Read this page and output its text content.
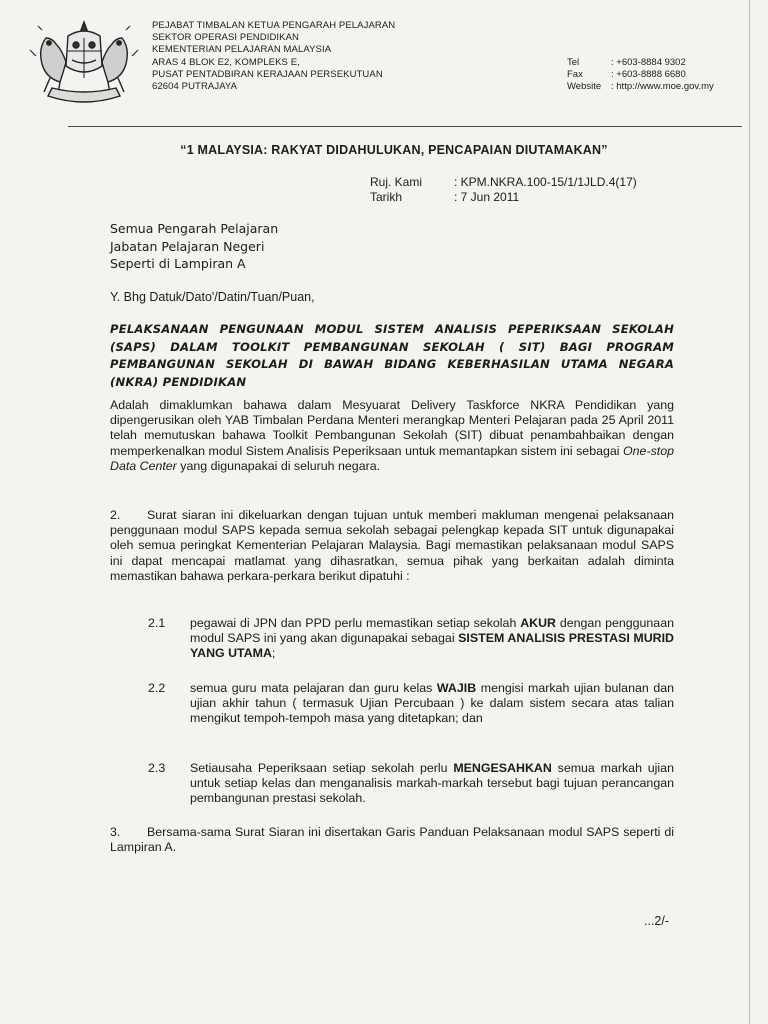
PEJABAT TIMBALAN KETUA PENGARAH PELAJARAN
SEKTOR OPERASI PENDIDIKAN
KEMENTERIAN PELAJARAN MALAYSIA
ARAS 4 BLOK E2, KOMPLEKS E,
PUSAT PENTADBIRAN KERAJAAN PERSEKUTUAN
62604 PUTRAJAYA
Tel	: +603-8884 9302
Fax	: +603-8888 6680
Website	: http://www.moe.gov.my
“1 MALAYSIA: RAKYAT DIDAHULUKAN, PENCAPAIAN DIUTAMAKAN”
Ruj. Kami	: KPM.NKRA.100-15/1/1JLD.4(17)
Tarikh	: 7 Jun 2011
Semua Pengarah Pelajaran
Jabatan Pelajaran Negeri
Seperti di Lampiran A
Y. Bhg Datuk/Dato'/Datin/Tuan/Puan,
PELAKSANAAN PENGUNAAN MODUL SISTEM ANALISIS PEPERIKSAAN SEKOLAH (SAPS) DALAM TOOLKIT PEMBANGUNAN SEKOLAH ( SIT) BAGI PROGRAM PEMBANGUNAN SEKOLAH DI BAWAH BIDANG KEBERHASILAN UTAMA NEGARA (NKRA) PENDIDIKAN
Adalah dimaklumkan bahawa dalam Mesyuarat Delivery Taskforce NKRA Pendidikan yang dipengerusikan oleh YAB Timbalan Perdana Menteri merangkap Menteri Pelajaran pada 25 April 2011 telah memutuskan bahawa Toolkit Pembangunan Sekolah (SIT) dibuat penambahbaikan dengan memperkenalkan modul Sistem Analisis Peperiksaan untuk memantapkan sistem ini sebagai One-stop Data Center yang digunapakai di seluruh negara.
2. Surat siaran ini dikeluarkan dengan tujuan untuk memberi makluman mengenai pelaksanaan penggunaan modul SAPS kepada semua sekolah sebagai pelengkap kepada SIT untuk digunapakai oleh semua peringkat Kementerian Pelajaran Malaysia. Bagi memastikan pelaksanaan modul SAPS ini dapat mencapai matlamat yang dihasratkan, semua pihak yang berkaitan adalah diminta memastikan bahawa perkara-perkara berikut dipatuhi :
2.1	pegawai di JPN dan PPD perlu memastikan setiap sekolah AKUR dengan penggunaan modul SAPS ini yang akan digunapakai sebagai SISTEM ANALISIS PRESTASI MURID YANG UTAMA;
2.2	semua guru mata pelajaran dan guru kelas WAJIB mengisi markah ujian bulanan dan ujian akhir tahun ( termasuk Ujian Percubaan ) ke dalam sistem secara atas talian mengikut tempoh-tempoh masa yang ditetapkan; dan
2.3	Setiausaha Peperiksaan setiap sekolah perlu MENGESAHKAN semua markah ujian untuk setiap kelas dan menganalisis markah-markah tersebut bagi tujuan perancangan pembangunan prestasi sekolah.
3. Bersama-sama Surat Siaran ini disertakan Garis Panduan Pelaksanaan modul SAPS seperti di Lampiran A.
...2/-
